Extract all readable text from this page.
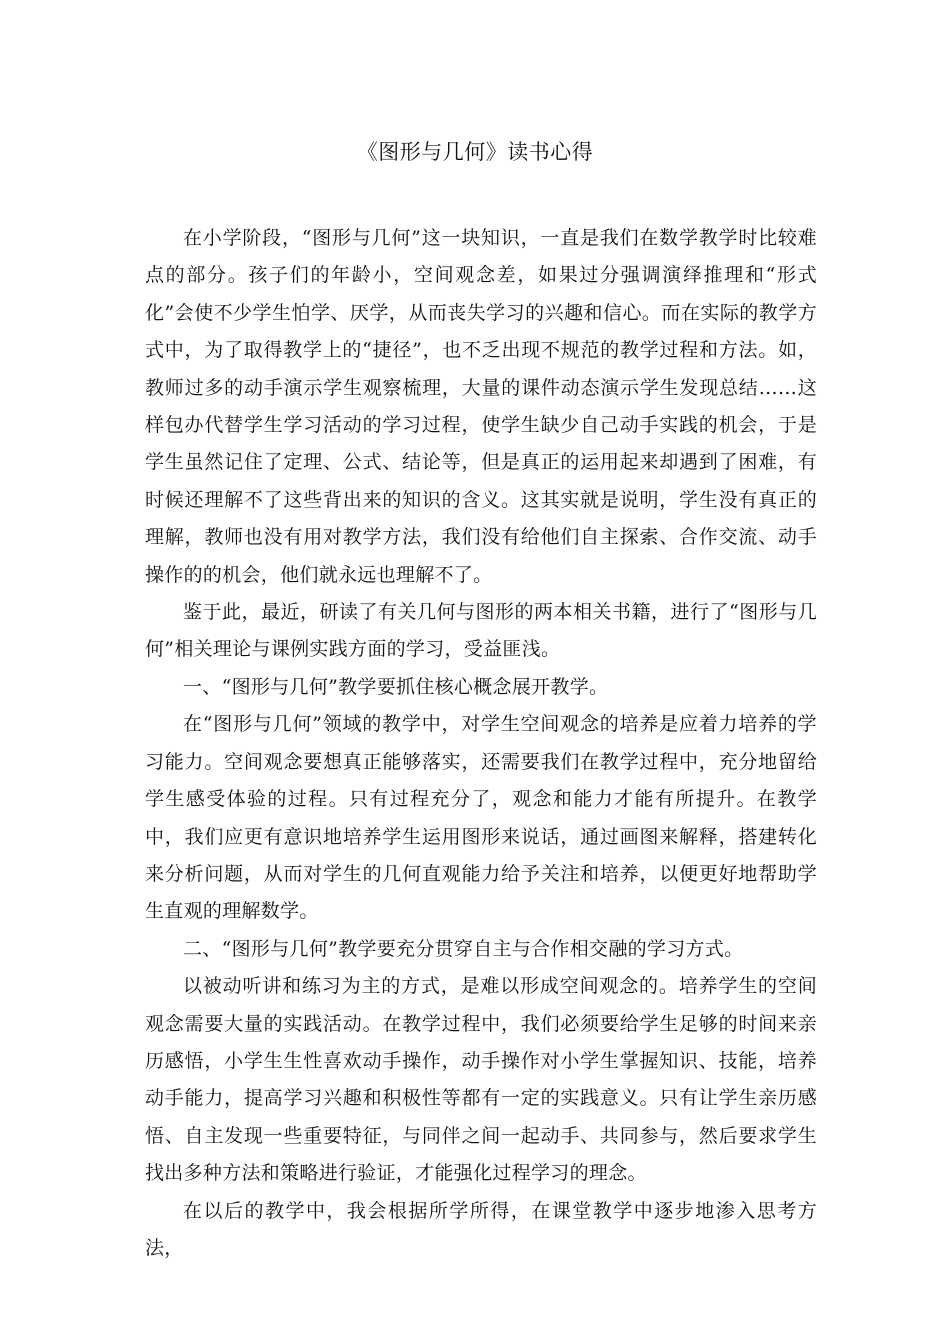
《图形与几何》读书心得

在小学阶段，“图形与几何”这一块知识，一直是我们在数学教学时比较难点的部分。孩子们的年龄小，空间观念差，如果过分强调演绎推理和“形式化”会使不少学生怕学、厌学，从而丧失学习的兴趣和信心。而在实际的教学方式中，为了取得教学上的“捷径”，也不乏出现不规范的教学过程和方法。如，教师过多的动手演示学生观察梳理，大量的课件动态演示学生发现总结……这样包办代替学生学习活动的学习过程，使学生缺少自己动手实践的机会，于是学生虽然记住了定理、公式、结论等，但是真正的运用起来却遇到了困难，有时候还理解不了这些背出来的知识的含义。这其实就是说明，学生没有真正的理解，教师也没有用对教学方法，我们没有给他们自主探索、合作交流、动手操作的的机会，他们就永远也理解不了。

鉴于此，最近，研读了有关几何与图形的两本相关书籍，进行了“图形与几何”相关理论与课例实践方面的学习，受益匪浅。

一、“图形与几何”教学要抓住核心概念展开教学。

在“图形与几何”领域的教学中，对学生空间观念的培养是应着力培养的学习能力。空间观念要想真正能够落实，还需要我们在教学过程中，充分地留给学生感受体验的过程。只有过程充分了，观念和能力才能有所提升。在教学中，我们应更有意识地培养学生运用图形来说话，通过画图来解释，搭建转化来分析问题，从而对学生的几何直观能力给予关注和培养，以便更好地帮助学生直观的理解数学。

二、“图形与几何”教学要充分贯穿自主与合作相交融的学习方式。

以被动听讲和练习为主的方式，是难以形成空间观念的。培养学生的空间观念需要大量的实践活动。在教学过程中，我们必须要给学生足够的时间来亲历感悟，小学生生性喜欢动手操作，动手操作对小学生掌握知识、技能，培养动手能力，提高学习兴趣和积极性等都有一定的实践意义。只有让学生亲历感悟、自主发现一些重要特征，与同伴之间一起动手、共同参与，然后要求学生找出多种方法和策略进行验证，才能强化过程学习的理念。

在以后的教学中，我会根据所学所得，在课堂教学中逐步地渗入思考方法，
